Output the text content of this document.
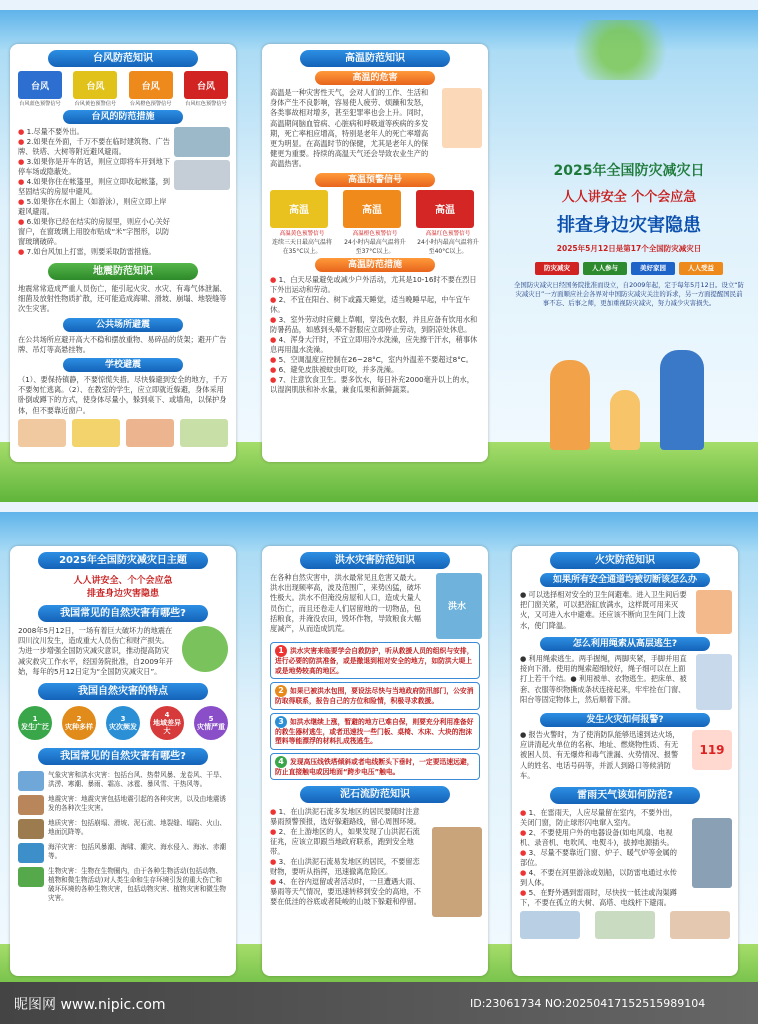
台风防范知识
台风
台风蓝色预警信号
台风
台风黄色预警信号
台风
台风橙色预警信号
台风
台风红色预警信号
台风的防范措施
● 1.尽量不要外出。
● 2.如果在外面，千万不要在临时建筑物、广告牌、铁塔、大树等附近避风避雨。
● 3.如果你是开车的话，则应立即将车开到地下停车场或隐蔽处。
● 4.如果你住在帐篷里，则应立即收起帐篷，到坚固结实的房屋中避风。
● 5.如果你在水面上（如游泳），则应立即上岸避风避雨。
● 6.如果你已经在结实的房屋里，则应小心关好窗户，在窗玻璃上用胶布贴成“米”字图形，以防窗玻璃破碎。
● 7.如台风加上打雷，则要采取防雷措施。
地震防范知识

地震常常造成严重人员伤亡，能引起火灾、水灾、有毒气体泄漏、细菌及放射性物质扩散，还可能造成海啸、滑坡、崩塌、地裂缝等次生灾害。

公共场所避震

在公共场所应避开高大不稳和摆放重物、易碎品的货架；避开广告牌、吊灯等高悬挂物。

学校避震

（1）、要保持镇静，不要惊慌失措。尽快躲避到安全的地方，千万不要匆忙逃离。（2）、在教室的学生，应立即就近躲避，身体采用卧倒或蹲下的方式，使身体尽量小，躲到桌下、或墙角，以保护身体，但不要靠近窗户。

高温防范知识
高温的危害

高温是一种灾害性天气，会对人们的工作、生活和身体产生不良影响，容易使人疲劳、烦躁和发怒，各类事故相对增多，甚至犯罪率也会上升。同时，高温期间脑血管病、心脏病和呼吸道等疾病的多发期，死亡率相应增高，特别是老年人的死亡率增高更为明显。在高温时节的保健，尤其是老年人的保健更为重要。持续的高温天气还会导致农业生产的高温热害。

高温预警信号
高温
高温黄色预警信号
连续三天日最高气温将在35°C以上。
高温
高温橙色预警信号
24小时内最高气温将升至37°C以上。
高温
高温红色预警信号
24小时内最高气温将升至40°C以上。
高温防范措施
● 1、白天尽量避免或减少户外活动，尤其是10-16时不要在烈日下外出运动和劳动。
● 2、不宜在阳台、树下或露天睡觉，适当晚睡早起，中午宜午休。
● 3、室外劳动时应戴上草帽，穿浅色衣服，并且应备有饮用水和防暑药品，如感到头晕不舒服应立即停止劳动，到阴凉处休息。
● 4、浑身大汗时，不宜立即用冷水洗澡，应先擦干汗水，稍事休息再用温水洗澡。
● 5、空调温度应控制在26~28°C，室内外温差不要超过8°C。
● 6、避免皮肤被蚊虫叮咬，并多洗澡。
● 7、注意饮食卫生。要多饮水，每日补充2000毫升以上的水，以湿润肌肤和补水量，兼食瓜果和新鲜蔬菜。
2025年全国防灾减灾日
人人讲安全 个个会应急
排查身边灾害隐患
2025年5月12日是第17个全国防灾减灾日
防灾减灾	人人参与	美好家园	人人受益

全国防灾减灾日经国务院批准而设立，自2009年起，定于每年5月12日。设立“防灾减灾日”一方面顺应社会各界对中国防灾减灾关注的诉求，另一方面提醒国民前事不忘、后事之师，更加重视防灾减灾，努力减少灾害损失。

2025年全国防灾减灾日主题
人人讲安全、个个会应急
排查身边灾害隐患
我国常见的自然灾害有哪些?

2008年5月12日，一场有着巨大破坏力的地震在四川汶川发生，造成重大人员伤亡和财产损失。为进一步增强全国防灾减灾意识，推动提高防灾减灾救灾工作水平，经国务院批准，自2009年开始，每年的5月12日定为“全国防灾减灾日”。

我国自然灾害的特点
1
发生广泛
2
灾种多样
3
灾次频发
4
地域差异大
5
灾情严重
我国常见的自然灾害有哪些?
气象灾害和洪水灾害：包括台风、热带风暴、龙卷风、干旱、洪涝、寒潮、暴雨、霜冻、冰雹、暴风雪、干热风等。
地震灾害：地震灾害包括地震引起的各种灾害，以及由地震诱发的各种次生灾害。
地质灾害：包括崩塌、滑坡、泥石流、地裂缝、塌陷、火山、地面沉降等。
海洋灾害：包括风暴潮、海啸、潮灾、海水侵入、海冰、赤潮等。
生物灾害：生物在生物圈内，由于各种生物活动(包括动物、植物和微生物活动)对人类生命和生存环境引发的重大伤亡和破坏环境的各种生物灾害，包括动物灾害、植物灾害和微生物灾害。
洪水灾害防范知识

在各种自然灾害中，洪水最常见且危害又最大。洪水出现频率高，波及范围广，来势凶猛，破坏性极大。洪水不但淹没房屋和人口，造成大量人员伤亡，而且还卷走人们居留地的一切物品，包括粮食，并淹没农田，毁坏作物，导致粮食大幅度减产，从而造成饥荒。

洪水
1 洪水灾害来临要学会自救防护，听从救援人员的组织与安排，进行必要的防洪准备，或是撤退到相对安全的地方，如防洪大堤上或是地势较高的地区。
2 如果已被洪水包围，要设法尽快与当地政府防汛部门，公安消防取得联系，报告自己的方位和险情，积极寻求救援。
3 如洪水继续上涨，暂避的地方已难自保，则要充分利用准备好的救生器材逃生，或者迅速找一些门板、桌椅、木床、大块的泡沫塑料等能漂浮的材料扎成筏逃生。
4 发现高压线铁塔倾斜或者电线断头下垂时，一定要迅速远避，防止直接触电或因地面“跨步电压”触电。
泥石流防范知识
● 1、在山洪泥石流多发地区的居民要随时注意暴雨预警预报，选好躲避路线，留心周围环境。
● 2、在上游地区的人，如果发现了山洪泥石流征兆，应该立即跟当地政府联系，跑到安全地带。
● 3、在山洪泥石流易发地区的居民，不要留恋财物，要听从指挥，迅速撤离危险区。
● 4、在谷内逗留或者活动时，一旦遭遇大雨、暴雨等天气情况，要迅速转移到安全的高地，不要在低洼的谷底或者陡峻的山坡下躲避和停留。
火灾防范知识
如果所有安全通道均被切断该怎么办

● 可以选择相对安全的卫生间避难。进入卫生间后要把门窗关紧，可以把浴缸放满水，这样既可用来灭火，又可进入水中避难。还应该不断向卫生间门上泼水，使门降温。

怎么利用绳索从高层逃生?

● 利用绳索逃生。两手握绳，两脚夹紧，手脚并用直接向下滑。使用的绳索超细较好，绳子细可以在上面打上若干个结。● 利用被单、衣物逃生。把床单、被套、衣服等织物撕成条状连接起来，牢牢拴在门窗、阳台等固定物体上，然后顺着下滑。

发生火灾如何报警?

● 报告火警时，为了使消防队能够迅速到达火场，应讲清起火单位的名称、地址、燃烧物性质、有无被困人员、有无爆炸和毒气泄漏、火势情况、报警人的姓名、电话号码等，并派人到路口等候消防车。

119
雷雨天气该如何防范?
● 1、在雷雨天，人应尽量留在室内，不要外出，关闭门窗，防止球形闪电窜入室内。
● 2、不要使用户外的电器设备(如电风扇、电视机、录音机、电吹风、电熨斗)，拔掉电源插头。
● 3、尽量不要靠近门窗、炉子、暖气炉等金属的部位。
● 4、不要在河里游泳或划船，以防雷电通过水传到人体。
● 5、在野外遇到雷雨时，尽快找一低洼或沟渠蹲下，不要在孤立的大树、高塔、电线杆下避雨。
昵图网 www.nipic.com	ID:23061734 NO:20250417152515989104
